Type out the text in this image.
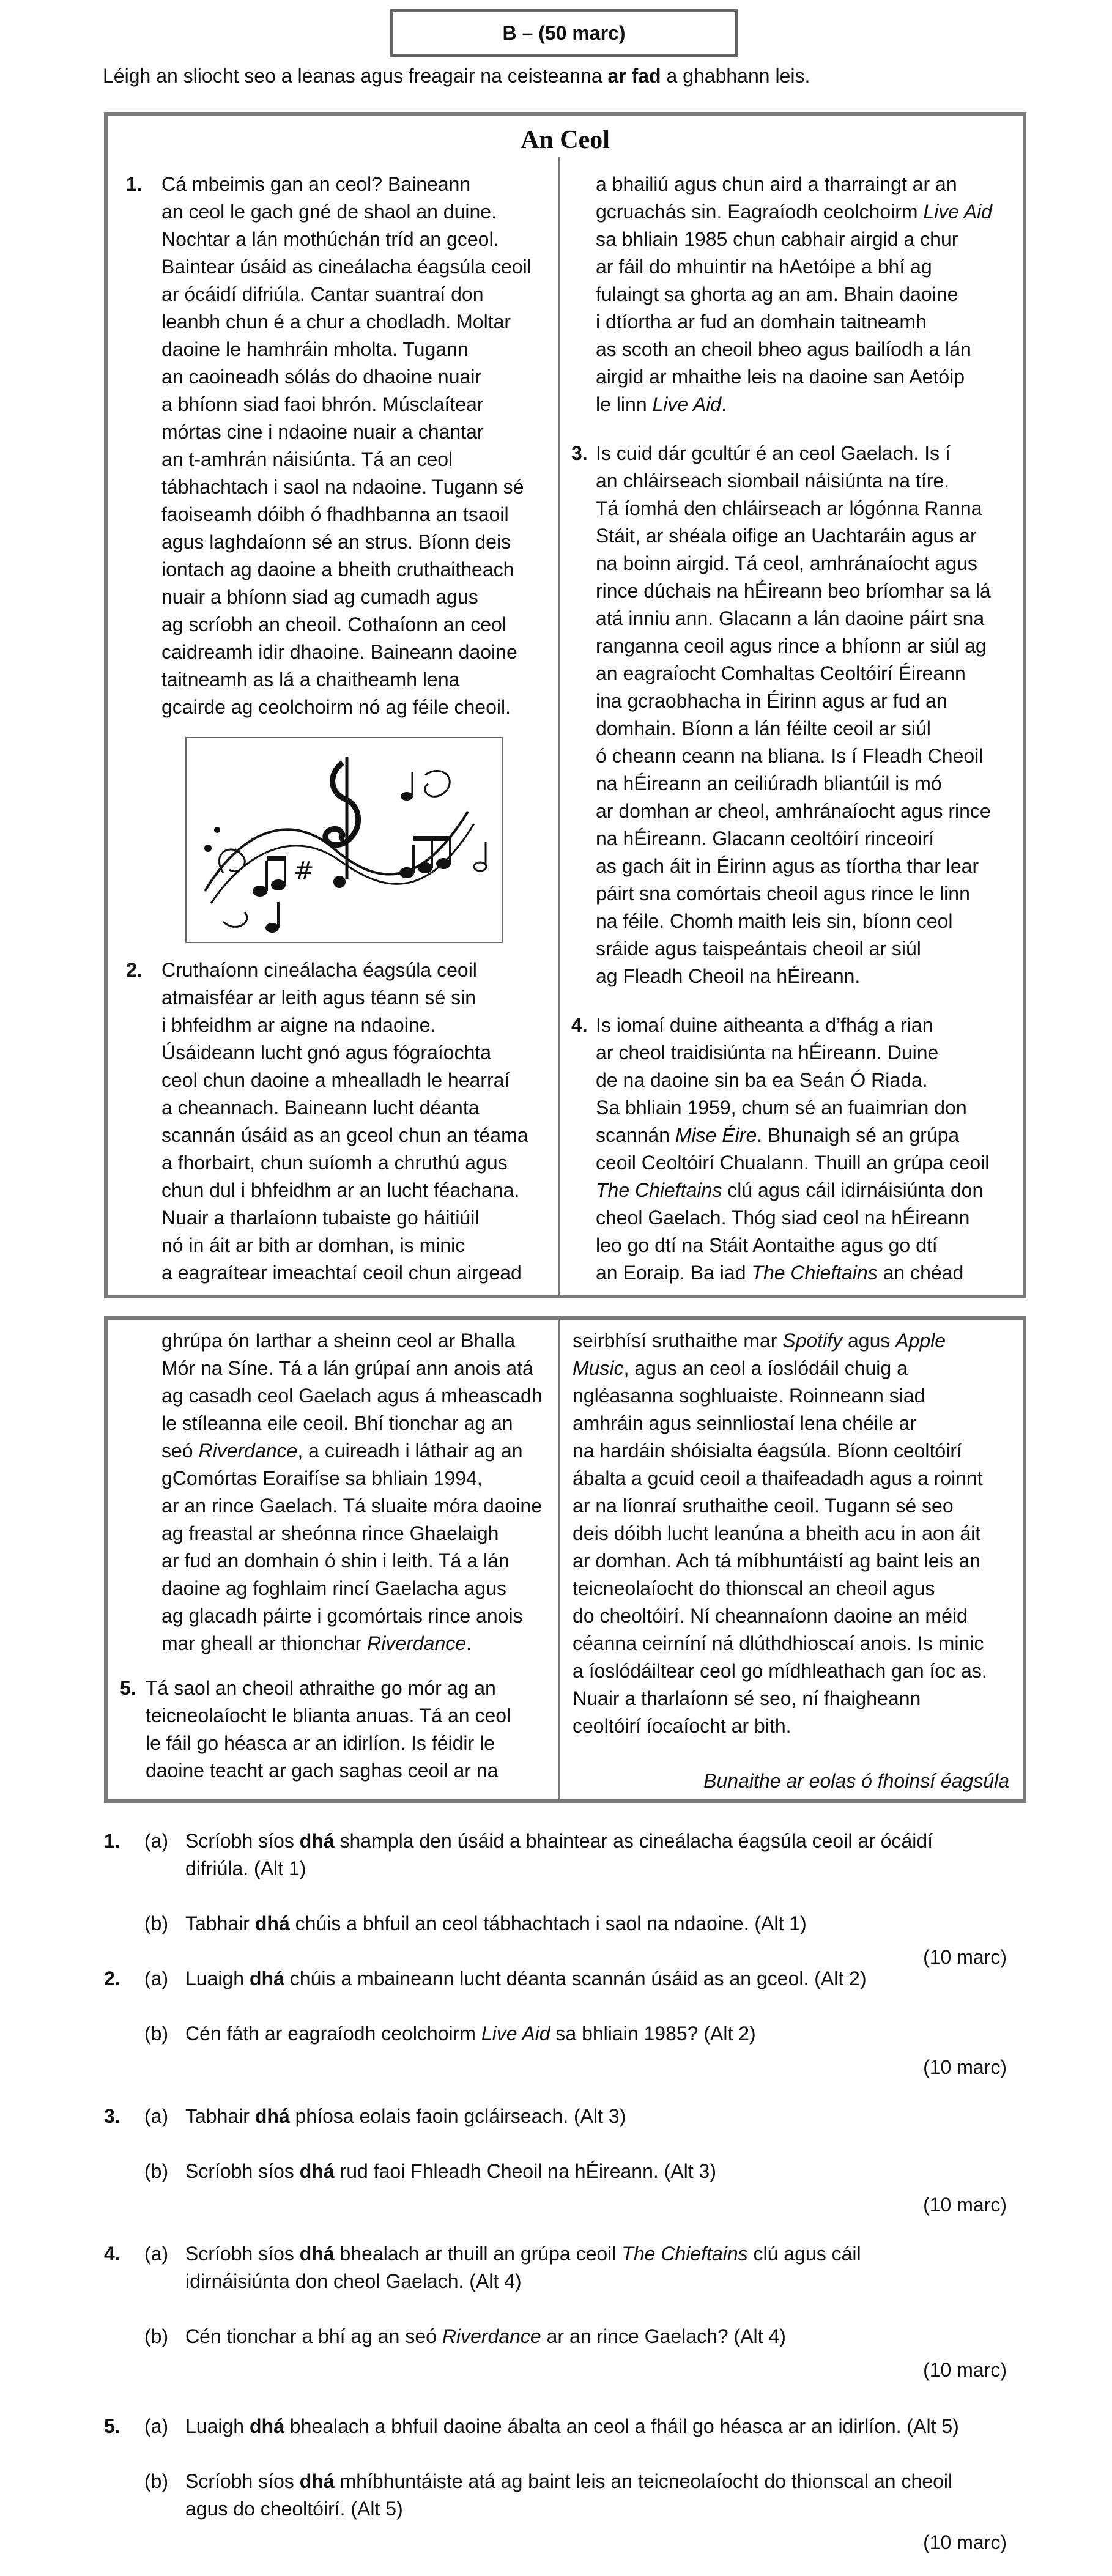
B – (50 marc)
Léigh an sliocht seo a leanas agus freagair na ceisteanna ar fad a ghabhann leis.
An Ceol
1. Cá mbeimis gan an ceol? Baineann

an ceol le gach gné de shaol an duine.

Nochtar a lán mothúchán tríd an gceol.

Baintear úsáid as cineálacha éagsúla ceoil

ar ócáidí difriúla. Cantar suantraí don

leanbh chun é a chur a chodladh. Moltar

daoine le hamhráin mholta. Tugann

an caoineadh sólás do dhaoine nuair

a bhíonn siad faoi bhrón. Músclaítear

mórtas cine i ndaoine nuair a chantar

an t-amhrán náisiúnta. Tá an ceol

tábhachtach i saol na ndaoine. Tugann sé

faoiseamh dóibh ó fhadhbanna an tsaoil

agus laghdaíonn sé an strus. Bíonn deis

iontach ag daoine a bheith cruthaitheach

nuair a bhíonn siad ag cumadh agus

ag scríobh an cheoil. Cothaíonn an ceol

caidreamh idir dhaoine. Baineann daoine

taitneamh as lá a chaitheamh lena

gcairde ag ceolchoirm nó ag féile cheoil.

#
2. Cruthaíonn cineálacha éagsúla ceoil

atmaisféar ar leith agus téann sé sin

i bhfeidhm ar aigne na ndaoine.

Úsáideann lucht gnó agus fógraíochta

ceol chun daoine a mhealladh le hearraí

a cheannach. Baineann lucht déanta

scannán úsáid as an gceol chun an téama

a fhorbairt, chun suíomh a chruthú agus

chun dul i bhfeidhm ar an lucht féachana.

Nuair a tharlaíonn tubaiste go háitiúil

nó in áit ar bith ar domhan, is minic

a eagraítear imeachtaí ceoil chun airgead

a bhailiú agus chun aird a tharraingt ar an

gcruachás sin. Eagraíodh ceolchoirm Live Aid

sa bhliain 1985 chun cabhair airgid a chur

ar fáil do mhuintir na hAetóipe a bhí ag

fulaingt sa ghorta ag an am. Bhain daoine

i dtíortha ar fud an domhain taitneamh

as scoth an cheoil bheo agus bailíodh a lán

airgid ar mhaithe leis na daoine san Aetóip

le linn Live Aid.

3. Is cuid dár gcultúr é an ceol Gaelach. Is í

an chláirseach siombail náisiúnta na tíre.

Tá íomhá den chláirseach ar lógónna Ranna

Stáit, ar shéala oifige an Uachtaráin agus ar

na boinn airgid. Tá ceol, amhránaíocht agus

rince dúchais na hÉireann beo bríomhar sa lá

atá inniu ann. Glacann a lán daoine páirt sna

ranganna ceoil agus rince a bhíonn ar siúl ag

an eagraíocht Comhaltas Ceoltóirí Éireann

ina gcraobhacha in Éirinn agus ar fud an

domhain. Bíonn a lán féilte ceoil ar siúl

ó cheann ceann na bliana. Is í Fleadh Cheoil

na hÉireann an ceiliúradh bliantúil is mó

ar domhan ar cheol, amhránaíocht agus rince

na hÉireann. Glacann ceoltóirí rinceoirí

as gach áit in Éirinn agus as tíortha thar lear

páirt sna comórtais cheoil agus rince le linn

na féile. Chomh maith leis sin, bíonn ceol

sráide agus taispeántais cheoil ar siúl

ag Fleadh Cheoil na hÉireann.

4. Is iomaí duine aitheanta a d’fhág a rian

ar cheol traidisiúnta na hÉireann. Duine

de na daoine sin ba ea Seán Ó Riada.

Sa bhliain 1959, chum sé an fuaimrian don

scannán Mise Éire. Bhunaigh sé an grúpa

ceoil Ceoltóirí Chualann. Thuill an grúpa ceoil

The Chieftains clú agus cáil idirnáisiúnta don

cheol Gaelach. Thóg siad ceol na hÉireann

leo go dtí na Stáit Aontaithe agus go dtí

an Eoraip. Ba iad The Chieftains an chéad

ghrúpa ón Iarthar a sheinn ceol ar Bhalla

Mór na Síne. Tá a lán grúpaí ann anois atá

ag casadh ceol Gaelach agus á mheascadh

le stíleanna eile ceoil. Bhí tionchar ag an

seó Riverdance, a cuireadh i láthair ag an

gComórtas Eoraifíse sa bhliain 1994,

ar an rince Gaelach. Tá sluaite móra daoine

ag freastal ar sheónna rince Ghaelaigh

ar fud an domhain ó shin i leith. Tá a lán

daoine ag foghlaim rincí Gaelacha agus

ag glacadh páirte i gcomórtais rince anois

mar gheall ar thionchar Riverdance.

5. Tá saol an cheoil athraithe go mór ag an

teicneolaíocht le blianta anuas. Tá an ceol

le fáil go héasca ar an idirlíon. Is féidir le

daoine teacht ar gach saghas ceoil ar na

seirbhísí sruthaithe mar Spotify agus Apple

Music, agus an ceol a íoslódáil chuig a

ngléasanna soghluaiste. Roinneann siad

amhráin agus seinnliostaí lena chéile ar

na hardáin shóisialta éagsúla. Bíonn ceoltóirí

ábalta a gcuid ceoil a thaifeadadh agus a roinnt

ar na líonraí sruthaithe ceoil. Tugann sé seo

deis dóibh lucht leanúna a bheith acu in aon áit

ar domhan. Ach tá míbhuntáistí ag baint leis an

teicneolaíocht do thionscal an cheoil agus

do cheoltóirí. Ní cheannaíonn daoine an méid

céanna ceirníní ná dlúthdhioscaí anois. Is minic

a íoslódáiltear ceol go mídhleathach gan íoc as.

Nuair a tharlaíonn sé seo, ní fhaigheann

ceoltóirí íocaíocht ar bith.

Bunaithe ar eolas ó fhoinsí éagsúla
1. (a) Scríobh síos dhá shampla den úsáid a bhaintear as cineálacha éagsúla ceoil ar ócáidí

difriúla. (Alt 1)

(b) Tabhair dhá chúis a bhfuil an ceol tábhachtach i saol na ndaoine. (Alt 1)

(10 marc)
2. (a) Luaigh dhá chúis a mbaineann lucht déanta scannán úsáid as an gceol. (Alt 2)

(b) Cén fáth ar eagraíodh ceolchoirm Live Aid sa bhliain 1985? (Alt 2)

(10 marc)
3. (a) Tabhair dhá phíosa eolais faoin gcláirseach. (Alt 3)

(b) Scríobh síos dhá rud faoi Fhleadh Cheoil na hÉireann. (Alt 3)

(10 marc)
4. (a) Scríobh síos dhá bhealach ar thuill an grúpa ceoil The Chieftains clú agus cáil

idirnáisiúnta don cheol Gaelach. (Alt 4)

(b) Cén tionchar a bhí ag an seó Riverdance ar an rince Gaelach? (Alt 4)

(10 marc)
5. (a) Luaigh dhá bhealach a bhfuil daoine ábalta an ceol a fháil go héasca ar an idirlíon. (Alt 5)

(b) Scríobh síos dhá mhíbhuntáiste atá ag baint leis an teicneolaíocht do thionscal an cheoil

agus do cheoltóirí. (Alt 5)

(10 marc)
